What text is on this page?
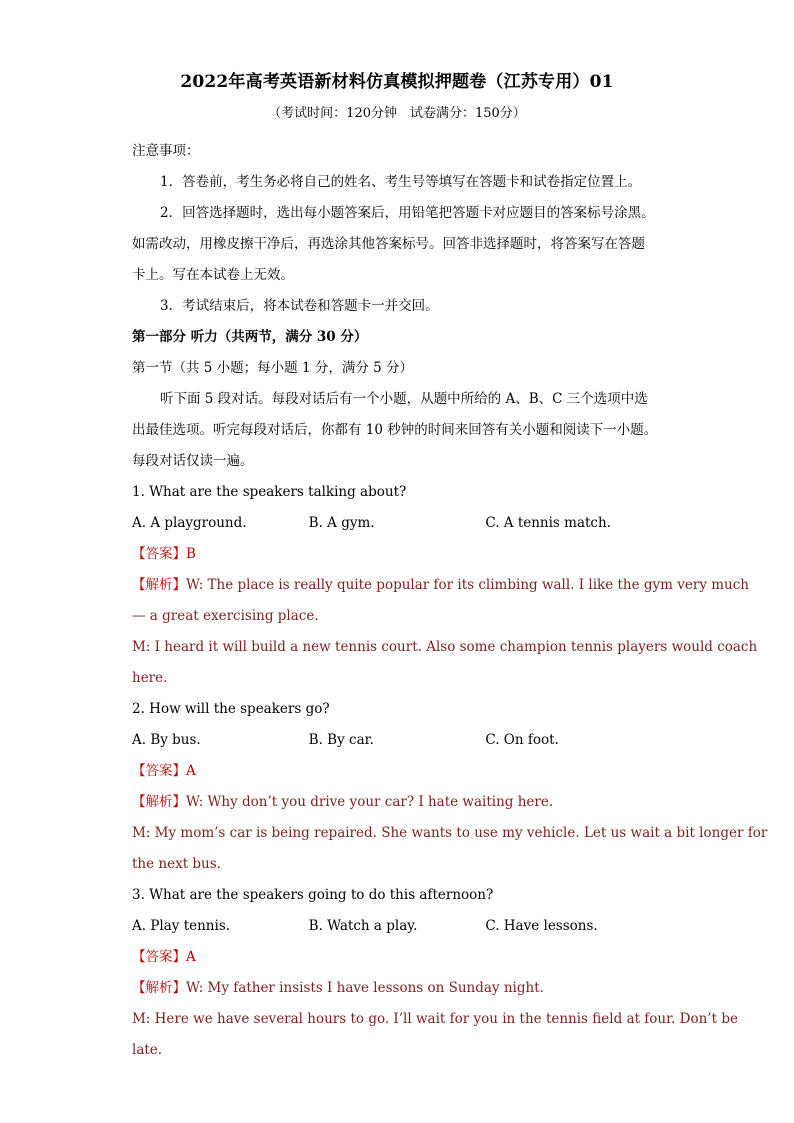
2022年高考英语新材料仿真模拟押题卷（江苏专用）01

（考试时间：120分钟　试卷满分：150分）

注意事项：

1．答卷前，考生务必将自己的姓名、考生号等填写在答题卡和试卷指定位置上。

2．回答选择题时，选出每小题答案后，用铅笔把答题卡对应题目的答案标号涂黑。

如需改动，用橡皮擦干净后，再选涂其他答案标号。回答非选择题时，将答案写在答题

卡上。写在本试卷上无效。

3．考试结束后，将本试卷和答题卡一并交回。

第一部分 听力（共两节，满分 30 分）

第一节（共 5 小题；每小题 1 分，满分 5 分）

听下面 5 段对话。每段对话后有一个小题，从题中所给的 A、B、C 三个选项中选

出最佳选项。听完每段对话后，你都有 10 秒钟的时间来回答有关小题和阅读下一小题。

每段对话仅读一遍。

1. What are the speakers talking about?

A. A playground.	B. A gym.	C. A tennis match.

【答案】B

【解析】W: The place is really quite popular for its climbing wall. I like the gym very much

— a great exercising place.

M: I heard it will build a new tennis court. Also some champion tennis players would coach

here.

2. How will the speakers go?

A. By bus.	B. By car.	C. On foot.

【答案】A

【解析】W: Why don’t you drive your car? I hate waiting here.

M: My mom’s car is being repaired. She wants to use my vehicle. Let us wait a bit longer for

the next bus.

3. What are the speakers going to do this afternoon?

A. Play tennis.	B. Watch a play.	C. Have lessons.

【答案】A

【解析】W: My father insists I have lessons on Sunday night.

M: Here we have several hours to go. I’ll wait for you in the tennis field at four. Don’t be

late.
